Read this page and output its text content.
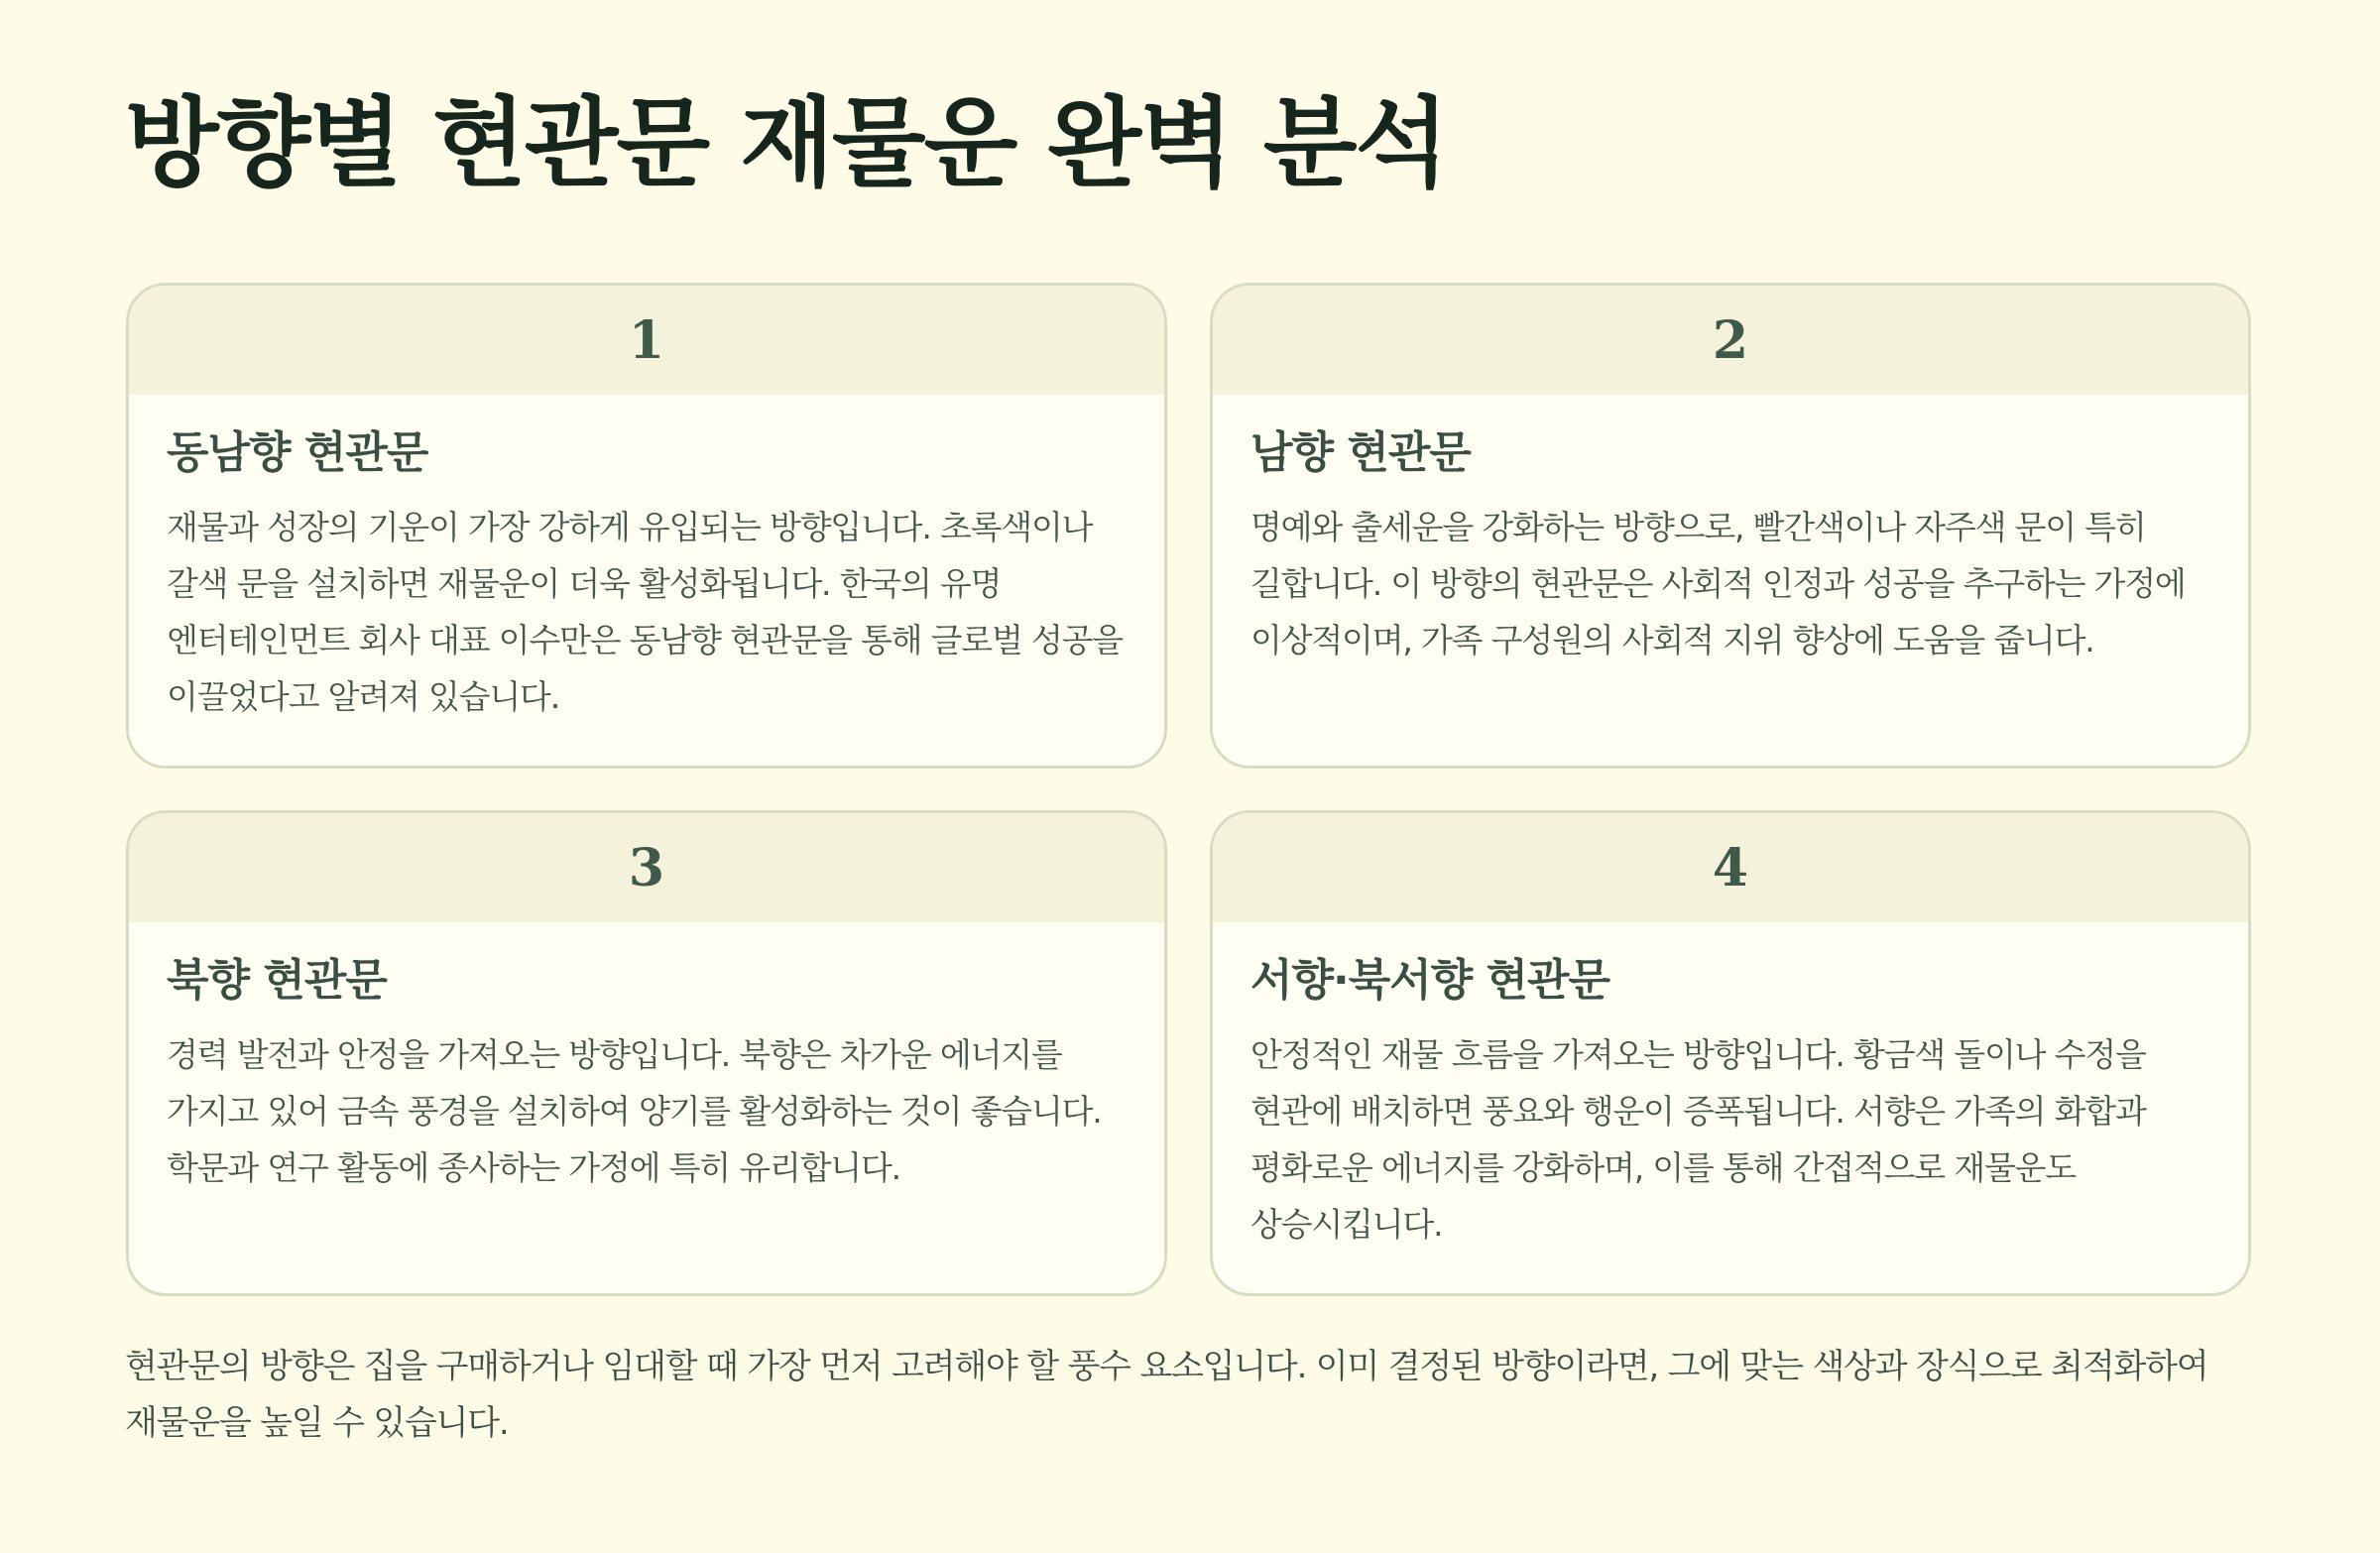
방향별 현관문 재물운 완벽 분석
1
동남향 현관문

재물과 성장의 기운이 가장 강하게 유입되는 방향입니다. 초록색이나 갈색 문을 설치하면 재물운이 더욱 활성화됩니다. 한국의 유명 엔터테인먼트 회사 대표 이수만은 동남향 현관문을 통해 글로벌 성공을 이끌었다고 알려져 있습니다.

2
남향 현관문

명예와 출세운을 강화하는 방향으로, 빨간색이나 자주색 문이 특히 길합니다. 이 방향의 현관문은 사회적 인정과 성공을 추구하는 가정에 이상적이며, 가족 구성원의 사회적 지위 향상에 도움을 줍니다.

3
북향 현관문

경력 발전과 안정을 가져오는 방향입니다. 북향은 차가운 에너지를 가지고 있어 금속 풍경을 설치하여 양기를 활성화하는 것이 좋습니다. 학문과 연구 활동에 종사하는 가정에 특히 유리합니다.

4
서향·북서향 현관문

안정적인 재물 흐름을 가져오는 방향입니다. 황금색 돌이나 수정을 현관에 배치하면 풍요와 행운이 증폭됩니다. 서향은 가족의 화합과 평화로운 에너지를 강화하며, 이를 통해 간접적으로 재물운도 상승시킵니다.

현관문의 방향은 집을 구매하거나 임대할 때 가장 먼저 고려해야 할 풍수 요소입니다. 이미 결정된 방향이라면, 그에 맞는 색상과 장식으로 최적화하여 재물운을 높일 수 있습니다.
